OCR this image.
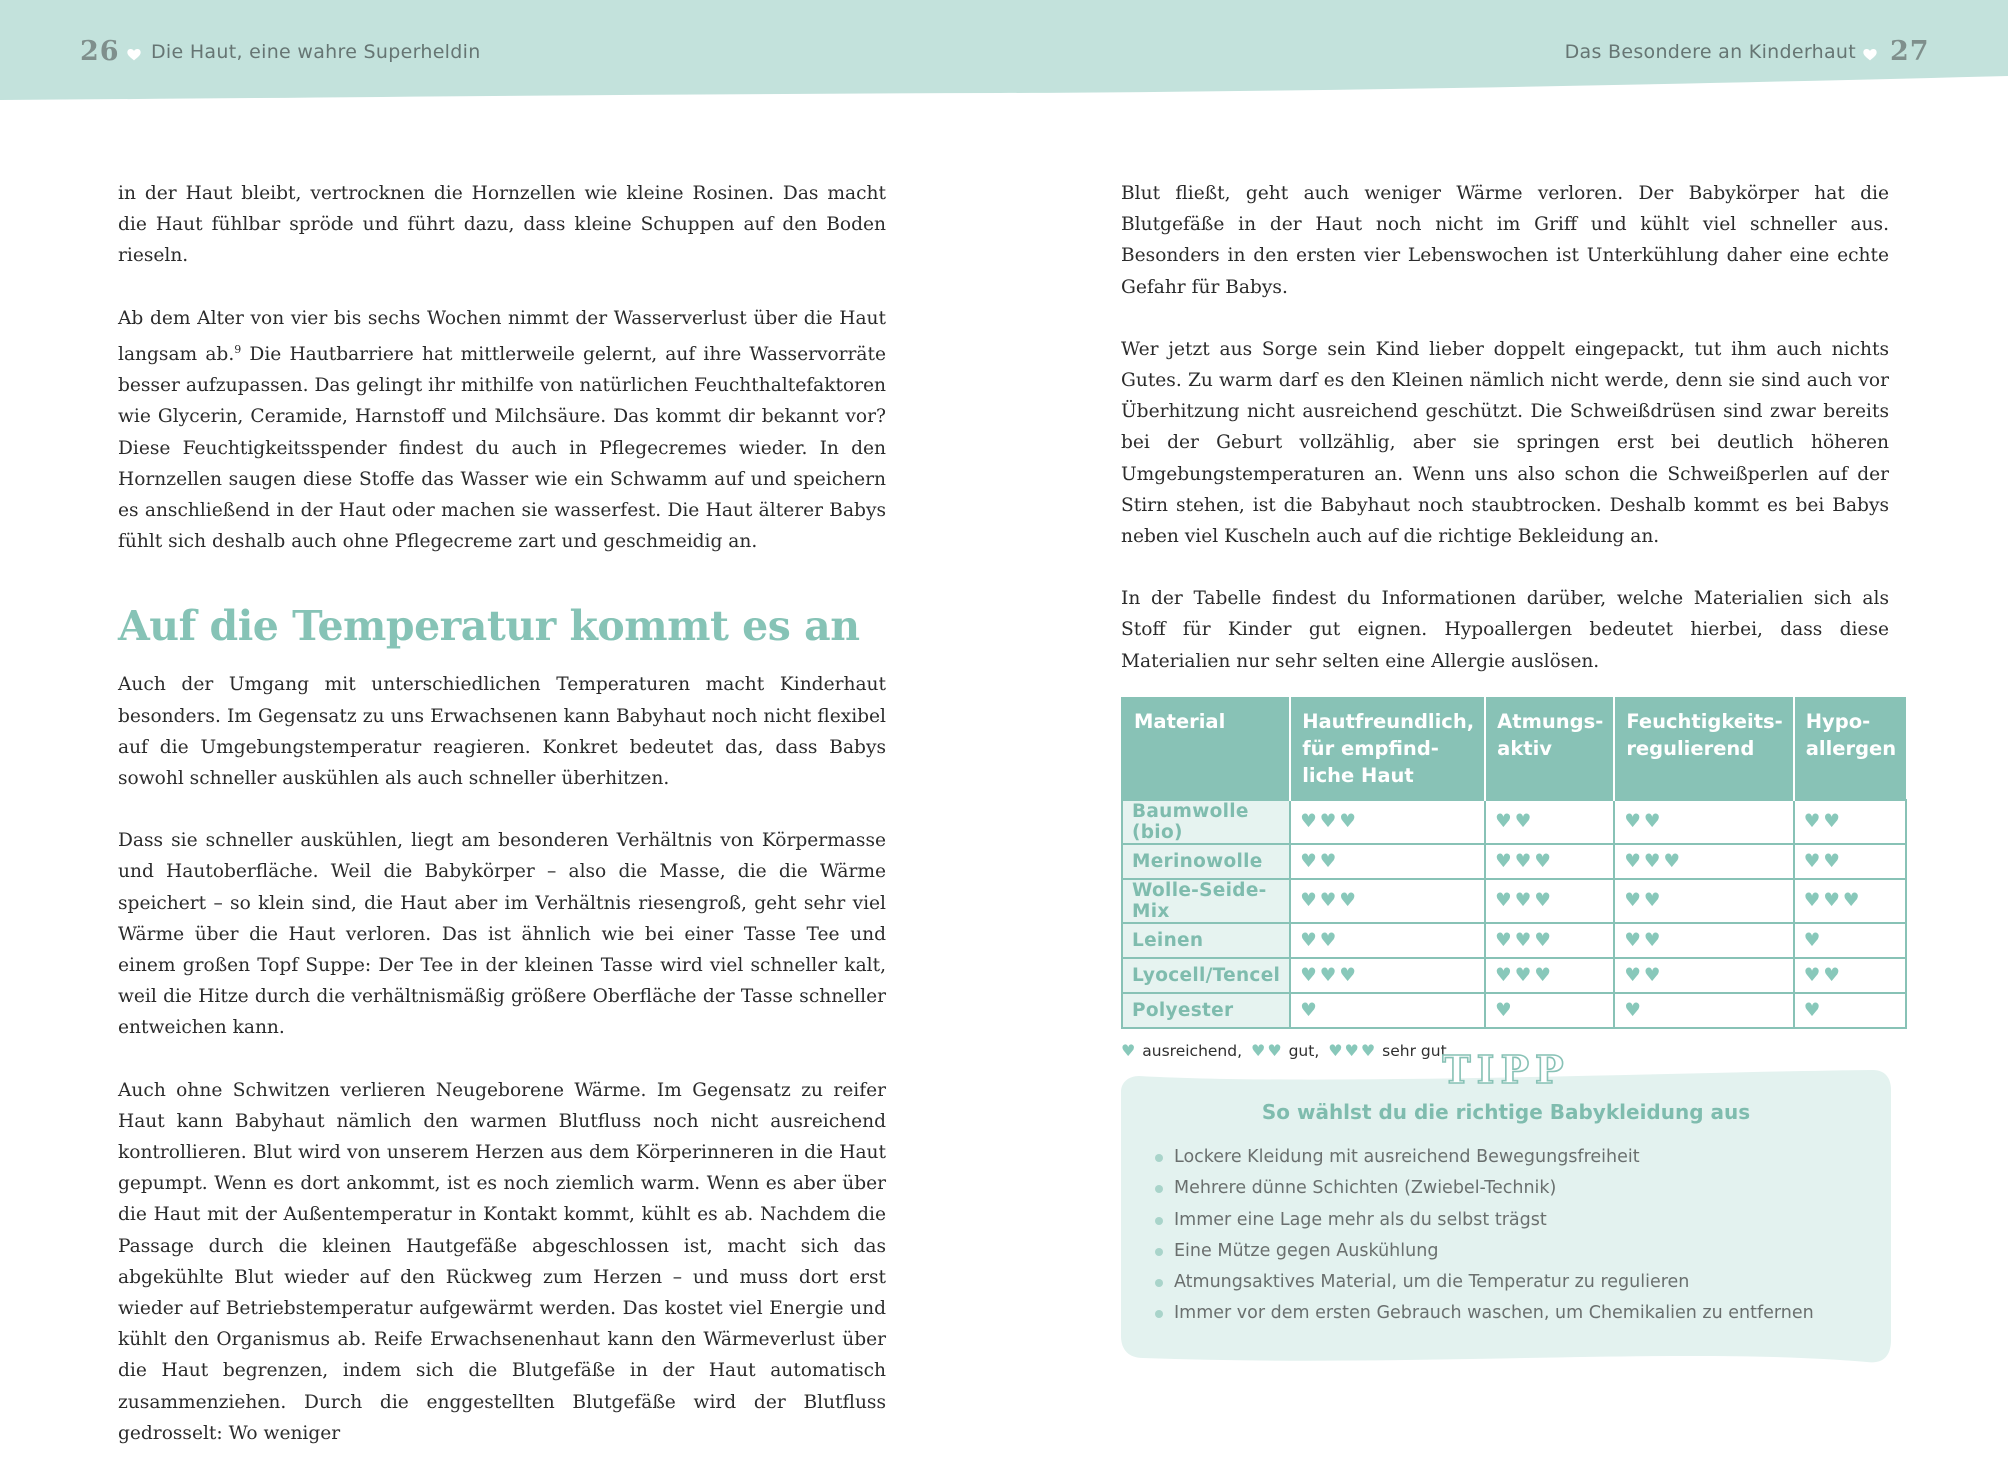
26 Die Haut, eine wahre Superheldin	Das Besondere an Kinderhaut 27

in der Haut bleibt, vertrocknen die Hornzellen wie kleine Rosinen. Das macht die Haut fühlbar spröde und führt dazu, dass kleine Schuppen auf den Boden rieseln.

Ab dem Alter von vier bis sechs Wochen nimmt der Wasserverlust über die Haut langsam ab.$^9$ Die Hautbarriere hat mittlerweile gelernt, auf ihre Wasservorräte besser aufzupassen. Das gelingt ihr mithilfe von natürlichen Feuchthaltefaktoren wie Glycerin, Ceramide, Harnstoff und Milchsäure. Das kommt dir bekannt vor? Diese Feuchtigkeitsspender findest du auch in Pflegecremes wieder. In den Hornzellen saugen diese Stoffe das Wasser wie ein Schwamm auf und speichern es anschließend in der Haut oder machen sie wasserfest. Die Haut älterer Babys fühlt sich deshalb auch ohne Pflegecreme zart und geschmeidig an.

Auf die Temperatur kommt es an

Auch der Umgang mit unterschiedlichen Temperaturen macht Kinderhaut besonders. Im Gegensatz zu uns Erwachsenen kann Babyhaut noch nicht flexibel auf die Umgebungstemperatur reagieren. Konkret bedeutet das, dass Babys sowohl schneller auskühlen als auch schneller überhitzen.

Dass sie schneller auskühlen, liegt am besonderen Verhältnis von Körpermasse und Hautoberfläche. Weil die Babykörper – also die Masse, die die Wärme speichert – so klein sind, die Haut aber im Verhältnis riesengroß, geht sehr viel Wärme über die Haut verloren. Das ist ähnlich wie bei einer Tasse Tee und einem großen Topf Suppe: Der Tee in der kleinen Tasse wird viel schneller kalt, weil die Hitze durch die verhältnismäßig größere Oberfläche der Tasse schneller entweichen kann.

Auch ohne Schwitzen verlieren Neugeborene Wärme. Im Gegensatz zu reifer Haut kann Babyhaut nämlich den warmen Blutfluss noch nicht ausreichend kontrollieren. Blut wird von unserem Herzen aus dem Körperinneren in die Haut gepumpt. Wenn es dort ankommt, ist es noch ziemlich warm. Wenn es aber über die Haut mit der Außentemperatur in Kontakt kommt, kühlt es ab. Nachdem die Passage durch die kleinen Hautgefäße abgeschlossen ist, macht sich das abgekühlte Blut wieder auf den Rückweg zum Herzen – und muss dort erst wieder auf Betriebstemperatur aufgewärmt werden. Das kostet viel Energie und kühlt den Organismus ab. Reife Erwachsenenhaut kann den Wärmeverlust über die Haut begrenzen, indem sich die Blutgefäße in der Haut automatisch zusammenziehen. Durch die enggestellten Blutgefäße wird der Blutfluss gedrosselt: Wo weniger

Blut fließt, geht auch weniger Wärme verloren. Der Babykörper hat die Blutgefäße in der Haut noch nicht im Griff und kühlt viel schneller aus. Besonders in den ersten vier Lebenswochen ist Unterkühlung daher eine echte Gefahr für Babys.

Wer jetzt aus Sorge sein Kind lieber doppelt eingepackt, tut ihm auch nichts Gutes. Zu warm darf es den Kleinen nämlich nicht werde, denn sie sind auch vor Überhitzung nicht ausreichend geschützt. Die Schweißdrüsen sind zwar bereits bei der Geburt vollzählig, aber sie springen erst bei deutlich höheren Umgebungstemperaturen an. Wenn uns also schon die Schweißperlen auf der Stirn stehen, ist die Babyhaut noch staubtrocken. Deshalb kommt es bei Babys neben viel Kuscheln auch auf die richtige Bekleidung an.

In der Tabelle findest du Informationen darüber, welche Materialien sich als Stoff für Kinder gut eignen. Hypoallergen bedeutet hierbei, dass diese Materialien nur sehr selten eine Allergie auslösen.

Material	Hautfreundlich, für empfind-liche Haut	Atmungs-aktiv	Feuchtigkeits-regulierend	Hypo-allergen
Baumwolle (bio)	♥♥♥	♥♥	♥♥	♥♥
Merinowolle	♥♥	♥♥♥	♥♥♥	♥♥
Wolle-Seide-Mix	♥♥♥	♥♥♥	♥♥	♥♥♥
Leinen	♥♥	♥♥♥	♥♥	♥
Lyocell/Tencel	♥♥♥	♥♥♥	♥♥	♥♥
Polyester	♥	♥	♥	♥
♥ ausreichend, ♥♥ gut, ♥♥♥ sehr gut
TIPP
So wählst du die richtige Babykleidung aus
Lockere Kleidung mit ausreichend Bewegungsfreiheit
Mehrere dünne Schichten (Zwiebel-Technik)
Immer eine Lage mehr als du selbst trägst
Eine Mütze gegen Auskühlung
Atmungsaktives Material, um die Temperatur zu regulieren
Immer vor dem ersten Gebrauch waschen, um Chemikalien zu entfernen
